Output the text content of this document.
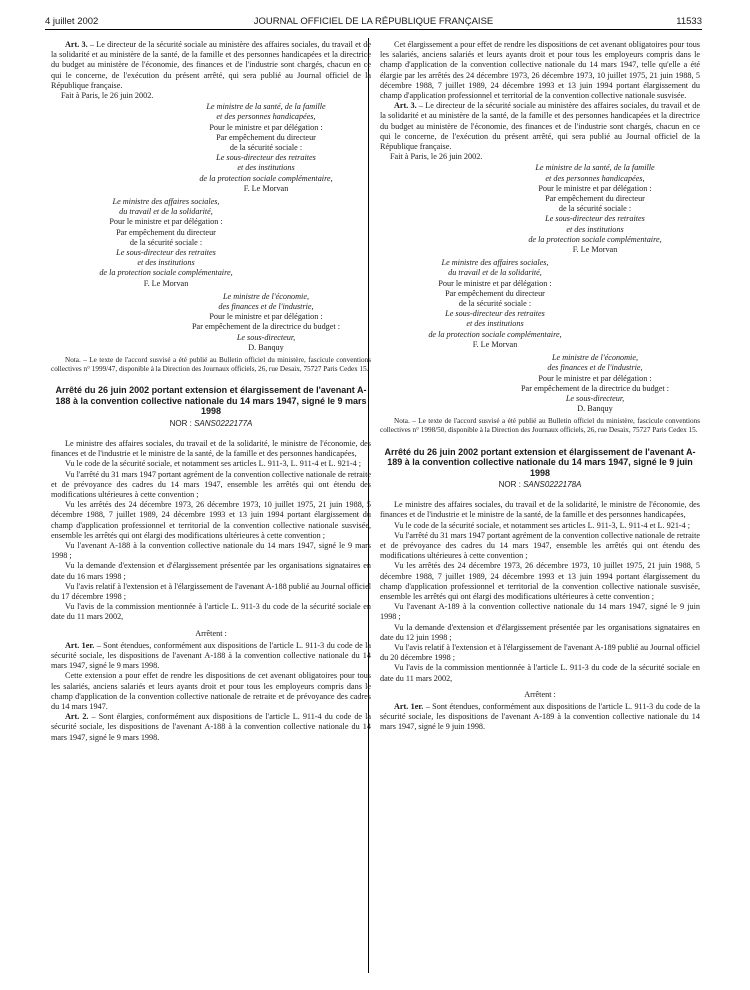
4 juillet 2002	JOURNAL OFFICIEL DE LA RÉPUBLIQUE FRANÇAISE	11533

Art. 3. – Le directeur de la sécurité sociale au ministère des affaires sociales, du travail et de la solidarité et au ministère de la santé, de la famille et des personnes handicapées et la directrice du budget au ministère de l'économie, des finances et de l'industrie sont chargés, chacun en ce qui le concerne, de l'exécution du présent arrêté, qui sera publié au Journal officiel de la République française.

Fait à Paris, le 26 juin 2002.

Le ministre de la santé, de la famille
et des personnes handicapées,
Pour le ministre et par délégation :
Par empêchement du directeur
de la sécurité sociale :
Le sous-directeur des retraites
et des institutions
de la protection sociale complémentaire,
F. Le Morvan
Le ministre des affaires sociales,
du travail et de la solidarité,
Pour le ministre et par délégation :
Par empêchement du directeur
de la sécurité sociale :
Le sous-directeur des retraites
et des institutions
de la protection sociale complémentaire,
F. Le Morvan
Le ministre de l'économie,
des finances et de l'industrie,
Pour le ministre et par délégation :
Par empêchement de la directrice du budget :
Le sous-directeur,
D. Banquy

Nota. – Le texte de l'accord susvisé a été publié au Bulletin officiel du ministère, fascicule conventions collectives n° 1999/47, disponible à la Direction des Journaux officiels, 26, rue Desaix, 75727 Paris Cedex 15.

Arrêté du 26 juin 2002 portant extension et élargissement de l'avenant A-188 à la convention collective nationale du 14 mars 1947, signé le 9 mars 1998
NOR : SANS0222177A

Le ministre des affaires sociales, du travail et de la solidarité, le ministre de l'économie, des finances et de l'industrie et le ministre de la santé, de la famille et des personnes handicapées,

Vu le code de la sécurité sociale, et notamment ses articles L. 911-3, L. 911-4 et L. 921-4 ;

Vu l'arrêté du 31 mars 1947 portant agrément de la convention collective nationale de retraite et de prévoyance des cadres du 14 mars 1947, ensemble les arrêtés qui ont étendu des modifications ultérieures à cette convention ;

Vu les arrêtés des 24 décembre 1973, 26 décembre 1973, 10 juillet 1975, 21 juin 1988, 5 décembre 1988, 7 juillet 1989, 24 décembre 1993 et 13 juin 1994 portant élargissement du champ d'application professionnel et territorial de la convention collective nationale susvisée, ensemble les arrêtés qui ont élargi des modifications ultérieures à cette convention ;

Vu l'avenant A-188 à la convention collective nationale du 14 mars 1947, signé le 9 mars 1998 ;

Vu la demande d'extension et d'élargissement présentée par les organisations signataires en date du 16 mars 1998 ;

Vu l'avis relatif à l'extension et à l'élargissement de l'avenant A-188 publié au Journal officiel du 17 décembre 1998 ;

Vu l'avis de la commission mentionnée à l'article L. 911-3 du code de la sécurité sociale en date du 11 mars 2002,

Arrêtent :

Art. 1er. – Sont étendues, conformément aux dispositions de l'article L. 911-3 du code de la sécurité sociale, les dispositions de l'avenant A-188 à la convention collective nationale du 14 mars 1947, signé le 9 mars 1998.

Cette extension a pour effet de rendre les dispositions de cet avenant obligatoires pour tous les salariés, anciens salariés et leurs ayants droit et pour tous les employeurs compris dans le champ d'application de la convention collective nationale de retraite et de prévoyance des cadres du 14 mars 1947.

Art. 2. – Sont élargies, conformément aux dispositions de l'article L. 911-4 du code de la sécurité sociale, les dispositions de l'avenant A-188 à la convention collective nationale du 14 mars 1947, signé le 9 mars 1998.

Cet élargissement a pour effet de rendre les dispositions de cet avenant obligatoires pour tous les salariés, anciens salariés et leurs ayants droit et pour tous les employeurs compris dans le champ d'application de la convention collective nationale du 14 mars 1947, telle qu'elle a été élargie par les arrêtés des 24 décembre 1973, 26 décembre 1973, 10 juillet 1975, 21 juin 1988, 5 décembre 1988, 7 juillet 1989, 24 décembre 1993 et 13 juin 1994 portant élargissement du champ d'application professionnel et territorial de la convention collective nationale susvisée.

Art. 3. – Le directeur de la sécurité sociale au ministère des affaires sociales, du travail et de la solidarité et au ministère de la santé, de la famille et des personnes handicapées et la directrice du budget au ministère de l'économie, des finances et de l'industrie sont chargés, chacun en ce qui le concerne, de l'exécution du présent arrêté, qui sera publié au Journal officiel de la République française.

Fait à Paris, le 26 juin 2002.

Le ministre de la santé, de la famille
et des personnes handicapées,
Pour le ministre et par délégation :
Par empêchement du directeur
de la sécurité sociale :
Le sous-directeur des retraites
et des institutions
de la protection sociale complémentaire,
F. Le Morvan
Le ministre des affaires sociales,
du travail et de la solidarité,
Pour le ministre et par délégation :
Par empêchement du directeur
de la sécurité sociale :
Le sous-directeur des retraites
et des institutions
de la protection sociale complémentaire,
F. Le Morvan
Le ministre de l'économie,
des finances et de l'industrie,
Pour le ministre et par délégation :
Par empêchement de la directrice du budget :
Le sous-directeur,
D. Banquy

Nota. – Le texte de l'accord susvisé a été publié au Bulletin officiel du ministère, fascicule conventions collectives n° 1998/50, disponible à la Direction des Journaux officiels, 26, rue Desaix, 75727 Paris Cedex 15.

Arrêté du 26 juin 2002 portant extension et élargissement de l'avenant A-189 à la convention collective nationale du 14 mars 1947, signé le 9 juin 1998
NOR : SANS0222178A

Le ministre des affaires sociales, du travail et de la solidarité, le ministre de l'économie, des finances et de l'industrie et le ministre de la santé, de la famille et des personnes handicapées,

Vu le code de la sécurité sociale, et notamment ses articles L. 911-3, L. 911-4 et L. 921-4 ;

Vu l'arrêté du 31 mars 1947 portant agrément de la convention collective nationale de retraite et de prévoyance des cadres du 14 mars 1947, ensemble les arrêtés qui ont étendu des modifications ultérieures à cette convention ;

Vu les arrêtés des 24 décembre 1973, 26 décembre 1973, 10 juillet 1975, 21 juin 1988, 5 décembre 1988, 7 juillet 1989, 24 décembre 1993 et 13 juin 1994 portant élargissement du champ d'application professionnel et territorial de la convention collective nationale susvisée, ensemble les arrêtés qui ont élargi des modifications ultérieures à cette convention ;

Vu l'avenant A-189 à la convention collective nationale du 14 mars 1947, signé le 9 juin 1998 ;

Vu la demande d'extension et d'élargissement présentée par les organisations signataires en date du 12 juin 1998 ;

Vu l'avis relatif à l'extension et à l'élargissement de l'avenant A-189 publié au Journal officiel du 20 décembre 1998 ;

Vu l'avis de la commission mentionnée à l'article L. 911-3 du code de la sécurité sociale en date du 11 mars 2002,

Arrêtent :

Art. 1er. – Sont étendues, conformément aux dispositions de l'article L. 911-3 du code de la sécurité sociale, les dispositions de l'avenant A-189 à la convention collective nationale du 14 mars 1947, signé le 9 juin 1998.
